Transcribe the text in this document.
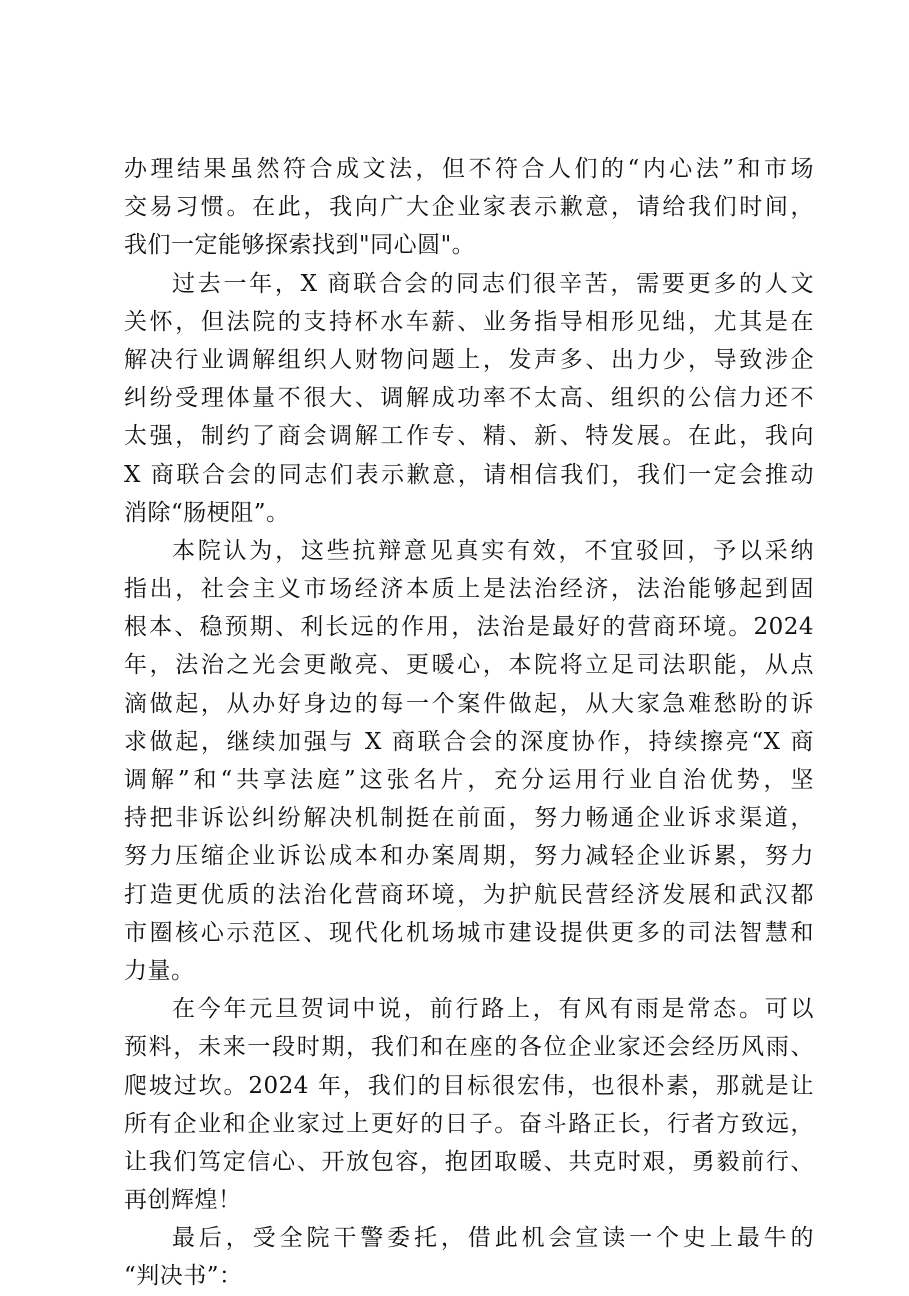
办理结果虽然符合成文法，但不符合人们的“内心法”和市场
交易习惯。在此，我向广大企业家表示歉意，请给我们时间，
我们一定能够探索找到"同心圆"。
过去一年，X 商联合会的同志们很辛苦，需要更多的人文
关怀，但法院的支持杯水车薪、业务指导相形见绌，尤其是在
解决行业调解组织人财物问题上，发声多、出力少，导致涉企
纠纷受理体量不很大、调解成功率不太高、组织的公信力还不
太强，制约了商会调解工作专、精、新、特发展。在此，我向
X 商联合会的同志们表示歉意，请相信我们，我们一定会推动
消除“肠梗阻”。
本院认为，这些抗辩意见真实有效，不宜驳回，予以采纳
指出，社会主义市场经济本质上是法治经济，法治能够起到固
根本、稳预期、利长远的作用，法治是最好的营商环境。2024
年，法治之光会更敞亮、更暖心，本院将立足司法职能，从点
滴做起，从办好身边的每一个案件做起，从大家急难愁盼的诉
求做起，继续加强与 X 商联合会的深度协作，持续擦亮“X 商
调解”和“共享法庭”这张名片，充分运用行业自治优势，坚
持把非诉讼纠纷解决机制挺在前面，努力畅通企业诉求渠道，
努力压缩企业诉讼成本和办案周期，努力减轻企业诉累，努力
打造更优质的法治化营商环境，为护航民营经济发展和武汉都
市圈核心示范区、现代化机场城市建设提供更多的司法智慧和
力量。
在今年元旦贺词中说，前行路上，有风有雨是常态。可以
预料，未来一段时期，我们和在座的各位企业家还会经历风雨、
爬坡过坎。2024 年，我们的目标很宏伟，也很朴素，那就是让
所有企业和企业家过上更好的日子。奋斗路正长，行者方致远，
让我们笃定信心、开放包容，抱团取暖、共克时艰，勇毅前行、
再创辉煌！
最后，受全院干警委托，借此机会宣读一个史上最牛的
“判决书”：
